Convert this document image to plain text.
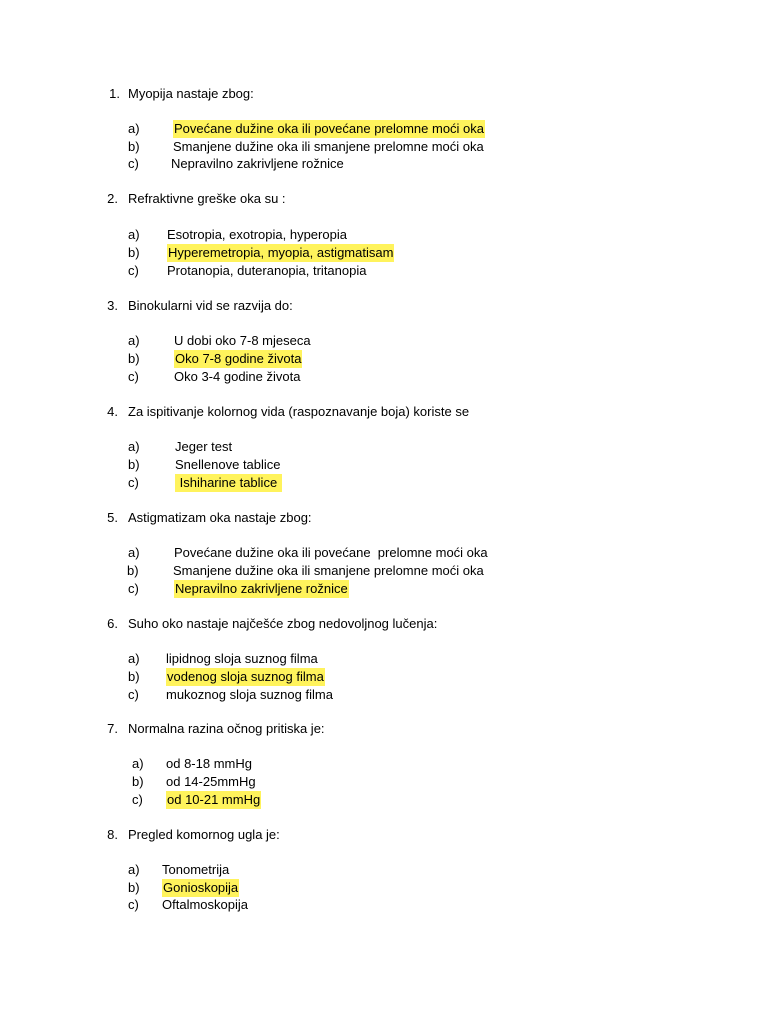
1. Myopija nastaje zbog:
a)	Povećane dužine oka ili povećane prelomne moći oka
b)	Smanjene dužine oka ili smanjene prelomne moći oka
c) Nepravilno zakrivljene rožnice
2. Refraktivne greške oka su :
a) Esotropia, exotropia, hyperopia
b) Hyperemetropia, myopia, astigmatisam
c) Protanopia, duteranopia, tritanopia
3. Binokularni vid se razvija do:
a)	U dobi oko 7-8 mjeseca
b)	Oko 7-8 godine života
c)	Oko 3-4 godine života
4. Za ispitivanje kolornog vida (raspoznavanje boja) koriste se
a)	Jeger test
b)	Snellenove tablice
c)	Ishiharine tablice
5. Astigmatizam oka nastaje zbog:
a)	Povećane dužine oka ili povećane  prelomne moći oka
b)	Smanjene dužine oka ili smanjene prelomne moći oka
c)	Nepravilno zakrivljene rožnice
6. Suho oko nastaje najčešće zbog nedovoljnog lučenja:
a) lipidnog sloja suznog filma
b) vodenog sloja suznog filma
c) mukoznog sloja suznog filma
7. Normalna razina očnog pritiska je:
a) od 8-18 mmHg
b) od 14-25mmHg
c) od 10-21 mmHg
8. Pregled komornog ugla je:
a) Tonometrija
b) Gonioskopija
c) Oftalmoskopija
